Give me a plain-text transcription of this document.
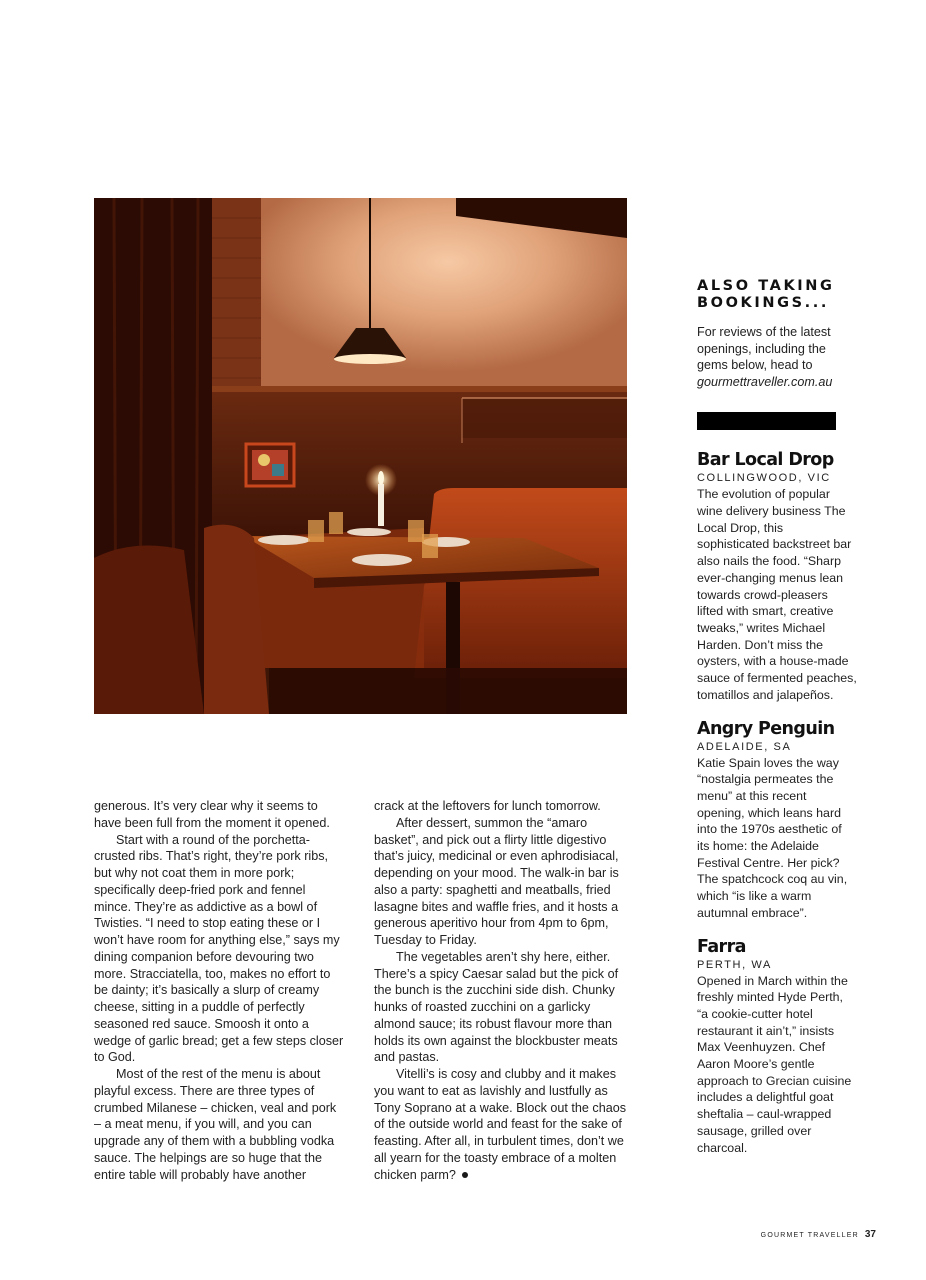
generous. It’s very clear why it seems to have been full from the moment it opened.

Start with a round of the porchetta-crusted ribs. That’s right, they’re pork ribs, but why not coat them in more pork; specifically deep-fried pork and fennel mince. They’re as addictive as a bowl of Twisties. “I need to stop eating these or I won’t have room for anything else,” says my dining companion before devouring two more. Stracciatella, too, makes no effort to be dainty; it’s basically a slurp of creamy cheese, sitting in a puddle of perfectly seasoned red sauce. Smoosh it onto a wedge of garlic bread; get a few steps closer to God.

Most of the rest of the menu is about playful excess. There are three types of crumbed Milanese – chicken, veal and pork – a meat menu, if you will, and you can upgrade any of them with a bubbling vodka sauce. The helpings are so huge that the entire table will probably have another

crack at the leftovers for lunch tomorrow.

After dessert, summon the “amaro basket”, and pick out a flirty little digestivo that’s juicy, medicinal or even aphrodisiacal, depending on your mood. The walk-in bar is also a party: spaghetti and meatballs, fried lasagne bites and waffle fries, and it hosts a generous aperitivo hour from 4pm to 6pm, Tuesday to Friday.

The vegetables aren’t shy here, either. There’s a spicy Caesar salad but the pick of the bunch is the zucchini side dish. Chunky hunks of roasted zucchini on a garlicky almond sauce; its robust flavour more than holds its own against the blockbuster meats and pastas.

Vitelli’s is cosy and clubby and it makes you want to eat as lavishly and lustfully as Tony Soprano at a wake. Block out the chaos of the outside world and feast for the sake of feasting. After all, in turbulent times, don’t we all yearn for the toasty embrace of a molten chicken parm?

ALSO TAKING
BOOKINGS...

For reviews of the latest openings, including the gems below, head to
gourmettraveller.com.au

Bar Local Drop

COLLINGWOOD, VIC

The evolution of popular wine delivery business The Local Drop, this sophisticated backstreet bar also nails the food. “Sharp ever-changing menus lean towards crowd-pleasers lifted with smart, creative tweaks,” writes Michael Harden. Don’t miss the oysters, with a house-made sauce of fermented peaches, tomatillos and jalapeños.

Angry Penguin

ADELAIDE, SA

Katie Spain loves the way “nostalgia permeates the menu” at this recent opening, which leans hard into the 1970s aesthetic of its home: the Adelaide Festival Centre. Her pick? The spatchcock coq au vin, which “is like a warm autumnal embrace”.

Farra

PERTH, WA

Opened in March within the freshly minted Hyde Perth, “a cookie-cutter hotel restaurant it ain’t,” insists Max Veenhuyzen. Chef Aaron Moore’s gentle approach to Grecian cuisine includes a delightful goat sheftalia – caul-wrapped sausage, grilled over charcoal.

GOURMET TRAVELLER 37
